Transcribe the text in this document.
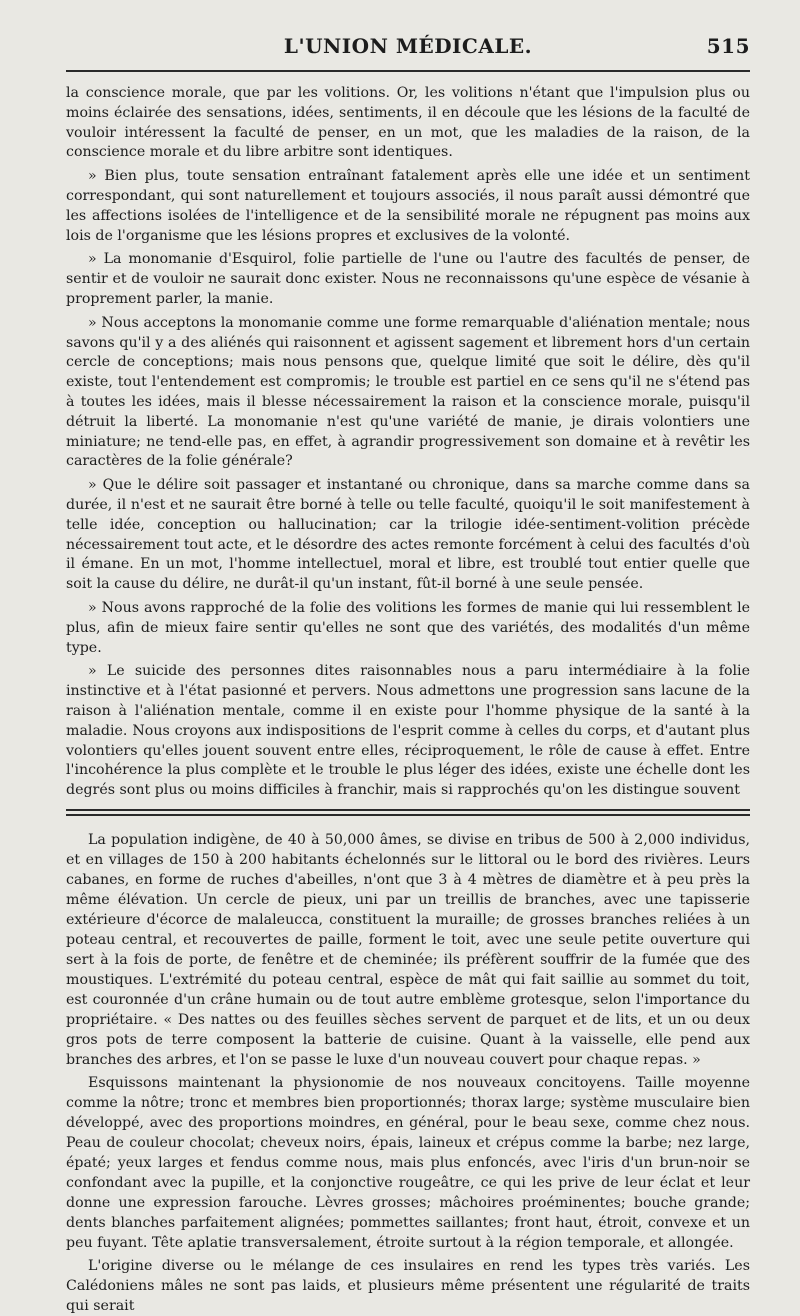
L'UNION MÉDICALE.	515

la conscience morale, que par les volitions. Or, les volitions n'étant que l'impulsion plus ou moins éclairée des sensations, idées, sentiments, il en découle que les lésions de la faculté de vouloir intéressent la faculté de penser, en un mot, que les maladies de la raison, de la conscience morale et du libre arbitre sont identiques.

» Bien plus, toute sensation entraînant fatalement après elle une idée et un sentiment correspondant, qui sont naturellement et toujours associés, il nous paraît aussi démontré que les affections isolées de l'intelligence et de la sensibilité morale ne répugnent pas moins aux lois de l'organisme que les lésions propres et exclusives de la volonté.

» La monomanie d'Esquirol, folie partielle de l'une ou l'autre des facultés de penser, de sentir et de vouloir ne saurait donc exister. Nous ne reconnaissons qu'une espèce de vésanie à proprement parler, la manie.

» Nous acceptons la monomanie comme une forme remarquable d'aliénation mentale; nous savons qu'il y a des aliénés qui raisonnent et agissent sagement et librement hors d'un certain cercle de conceptions; mais nous pensons que, quelque limité que soit le délire, dès qu'il existe, tout l'entendement est compromis; le trouble est partiel en ce sens qu'il ne s'étend pas à toutes les idées, mais il blesse nécessairement la raison et la conscience morale, puisqu'il détruit la liberté. La monomanie n'est qu'une variété de manie, je dirais volontiers une miniature; ne tend-elle pas, en effet, à agrandir progressivement son domaine et à revêtir les caractères de la folie générale?

» Que le délire soit passager et instantané ou chronique, dans sa marche comme dans sa durée, il n'est et ne saurait être borné à telle ou telle faculté, quoiqu'il le soit manifestement à telle idée, conception ou hallucination; car la trilogie idée-sentiment-volition précède nécessairement tout acte, et le désordre des actes remonte forcément à celui des facultés d'où il émane. En un mot, l'homme intellectuel, moral et libre, est troublé tout entier quelle que soit la cause du délire, ne durât-il qu'un instant, fût-il borné à une seule pensée.

» Nous avons rapproché de la folie des volitions les formes de manie qui lui ressemblent le plus, afin de mieux faire sentir qu'elles ne sont que des variétés, des modalités d'un même type.

» Le suicide des personnes dites raisonnables nous a paru intermédiaire à la folie instinctive et à l'état pasionné et pervers. Nous admettons une progression sans lacune de la raison à l'aliénation mentale, comme il en existe pour l'homme physique de la santé à la maladie. Nous croyons aux indispositions de l'esprit comme à celles du corps, et d'autant plus volontiers qu'elles jouent souvent entre elles, réciproquement, le rôle de cause à effet. Entre l'incohérence la plus complète et le trouble le plus léger des idées, existe une échelle dont les degrés sont plus ou moins difficiles à franchir, mais si rapprochés qu'on les distingue souvent

La population indigène, de 40 à 50,000 âmes, se divise en tribus de 500 à 2,000 individus, et en villages de 150 à 200 habitants échelonnés sur le littoral ou le bord des rivières. Leurs cabanes, en forme de ruches d'abeilles, n'ont que 3 à 4 mètres de diamètre et à peu près la même élévation. Un cercle de pieux, uni par un treillis de branches, avec une tapisserie extérieure d'écorce de malaleucca, constituent la muraille; de grosses branches reliées à un poteau central, et recouvertes de paille, forment le toit, avec une seule petite ouverture qui sert à la fois de porte, de fenêtre et de cheminée; ils préfèrent souffrir de la fumée que des moustiques. L'extrémité du poteau central, espèce de mât qui fait saillie au sommet du toit, est couronnée d'un crâne humain ou de tout autre emblème grotesque, selon l'importance du propriétaire. « Des nattes ou des feuilles sèches servent de parquet et de lits, et un ou deux gros pots de terre composent la batterie de cuisine. Quant à la vaisselle, elle pend aux branches des arbres, et l'on se passe le luxe d'un nouveau couvert pour chaque repas. »

Esquissons maintenant la physionomie de nos nouveaux concitoyens. Taille moyenne comme la nôtre; tronc et membres bien proportionnés; thorax large; système musculaire bien développé, avec des proportions moindres, en général, pour le beau sexe, comme chez nous. Peau de couleur chocolat; cheveux noirs, épais, laineux et crépus comme la barbe; nez large, épaté; yeux larges et fendus comme nous, mais plus enfoncés, avec l'iris d'un brun-noir se confondant avec la pupille, et la conjonctive rougeâtre, ce qui les prive de leur éclat et leur donne une expression farouche. Lèvres grosses; mâchoires proéminentes; bouche grande; dents blanches parfaitement alignées; pommettes saillantes; front haut, étroit, convexe et un peu fuyant. Tête aplatie transversalement, étroite surtout à la région temporale, et allongée.

L'origine diverse ou le mélange de ces insulaires en rend les types très variés. Les Calédoniens mâles ne sont pas laids, et plusieurs même présentent une régularité de traits qui serait
